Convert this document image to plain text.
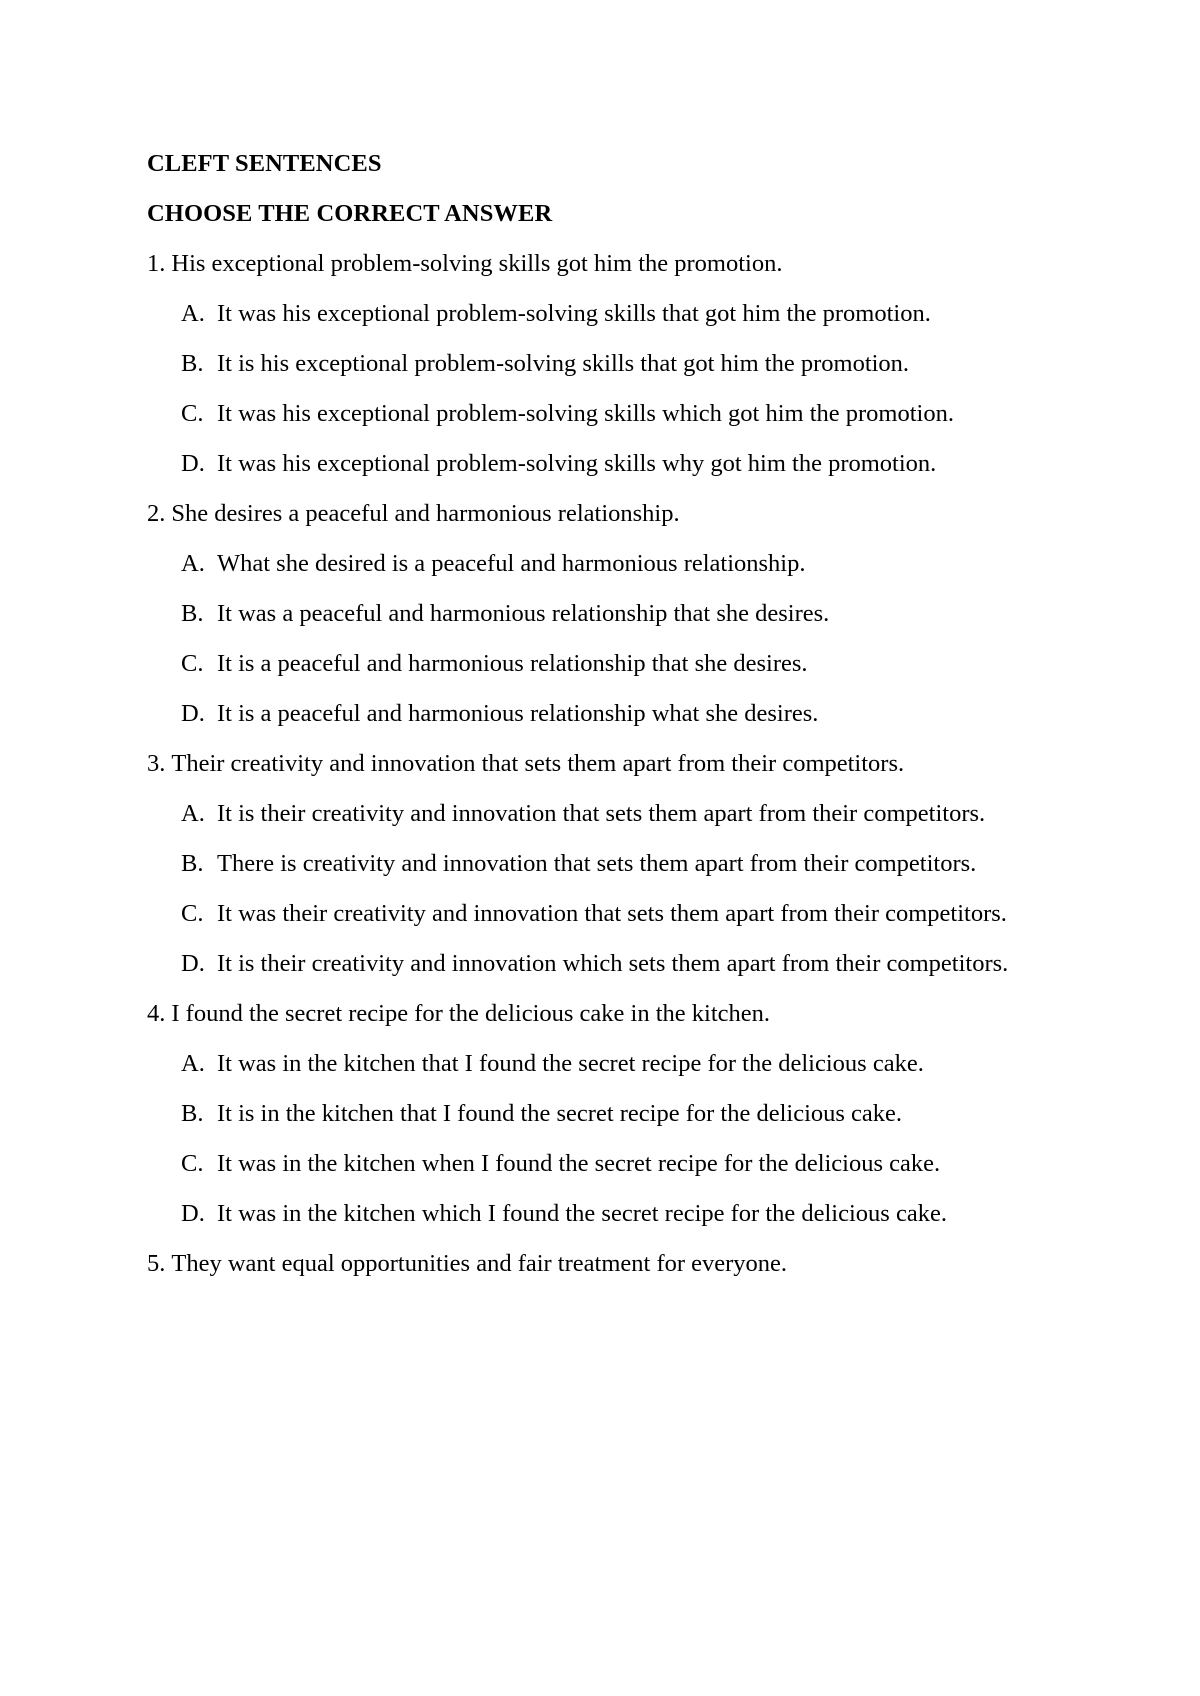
CLEFT SENTENCES
CHOOSE THE CORRECT ANSWER
1. His exceptional problem-solving skills got him the promotion.
A. It was his exceptional problem-solving skills that got him the promotion.
B. It is his exceptional problem-solving skills that got him the promotion.
C. It was his exceptional problem-solving skills which got him the promotion.
D. It was his exceptional problem-solving skills why got him the promotion.
2. She desires a peaceful and harmonious relationship.
A. What she desired is a peaceful and harmonious relationship.
B. It was a peaceful and harmonious relationship that she desires.
C. It is a peaceful and harmonious relationship that she desires.
D. It is a peaceful and harmonious relationship what she desires.
3. Their creativity and innovation that sets them apart from their competitors.
A. It is their creativity and innovation that sets them apart from their competitors.
B. There is creativity and innovation that sets them apart from their competitors.
C. It was their creativity and innovation that sets them apart from their competitors.
D. It is their creativity and innovation which sets them apart from their competitors.
4. I found the secret recipe for the delicious cake in the kitchen.
A. It was in the kitchen that I found the secret recipe for the delicious cake.
B. It is in the kitchen that I found the secret recipe for the delicious cake.
C. It was in the kitchen when I found the secret recipe for the delicious cake.
D. It was in the kitchen which I found the secret recipe for the delicious cake.
5. They want equal opportunities and fair treatment for everyone.
